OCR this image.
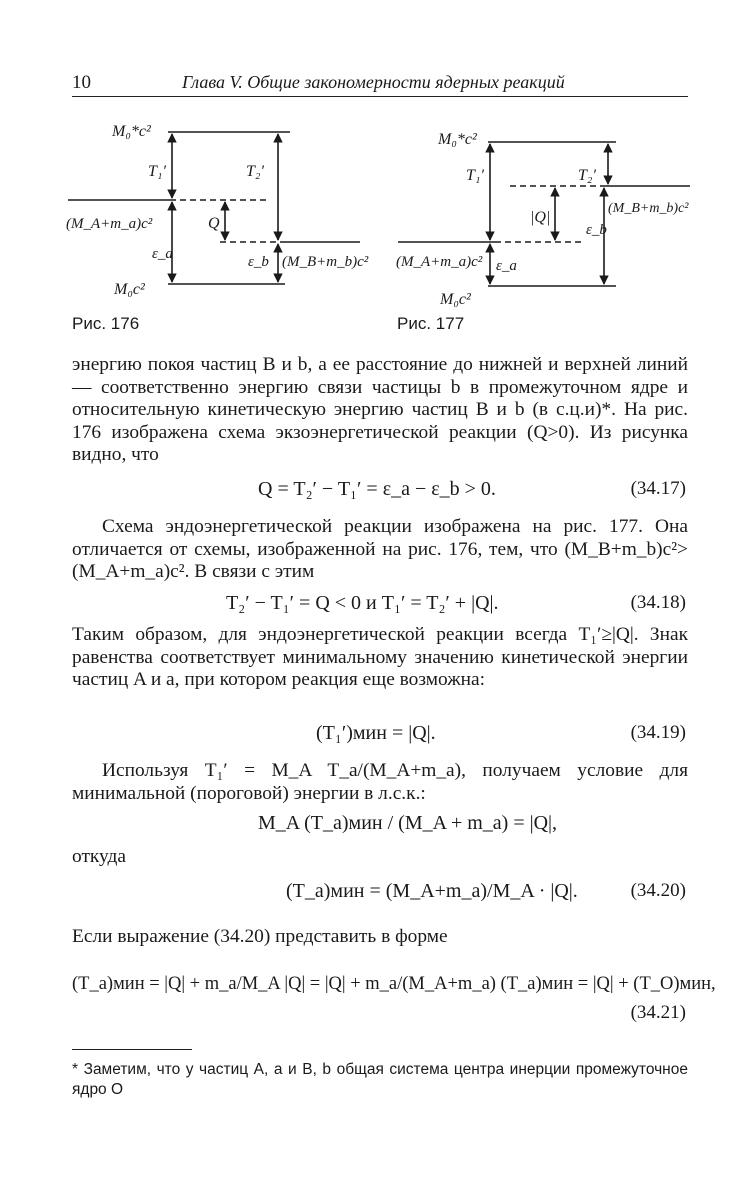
10	Глава V. Общие закономерности ядерных реакций
M₀*c²
T₁′	T₂′
(M_A+m_a)c²	Q
ε_a	ε_b (M_B+m_b)c²
M₀c²
Рис. 176
M₀*c²
T₁′	T₂′
|Q|
(M_B+m_b)c²
ε_b
(M_A+m_a)c² ε_a
M₀c²
Рис. 177

энергию покоя частиц B и b, а ее расстояние до нижней и верхней линий — соответственно энергию связи частицы b в промежуточном ядре и относительную кинетическую энергию частиц B и b (в с.ц.и)*. На рис. 176 изображена схема экзоэнергетической реакции (Q>0). Из рисунка видно, что

Q = T₂′ − T₁′ = ε_a − ε_b > 0.	(34.17)

Схема эндоэнергетической реакции изображена на рис. 177. Она отличается от схемы, изображенной на рис. 176, тем, что (M_B+m_b)c²>(M_A+m_a)c². В связи с этим

T₂′ − T₁′ = Q < 0 и T₁′ = T₂′ + |Q|.	(34.18)

Таким образом, для эндоэнергетической реакции всегда T₁′≥|Q|. Знак равенства соответствует минимальному значению кинетической энергии частиц A и a, при котором реакция еще возможна:

(T₁′)мин = |Q|.	(34.19)

Используя T₁′ = M_A T_a/(M_A+m_a), получаем условие для минимальной (пороговой) энергии в л.с.к.:

M_A (T_a)мин / (M_A + m_a) = |Q|,

откуда

(T_a)мин = (M_A+m_a)/M_A · |Q|.	(34.20)

Если выражение (34.20) представить в форме

(T_a)мин = |Q| + m_a/M_A |Q| = |Q| + m_a/(M_A+m_a) (T_a)мин = |Q| + (T_O)мин,
(34.21)
* Заметим, что у частиц A, a и B, b общая система центра инерции промежуточное ядро O
